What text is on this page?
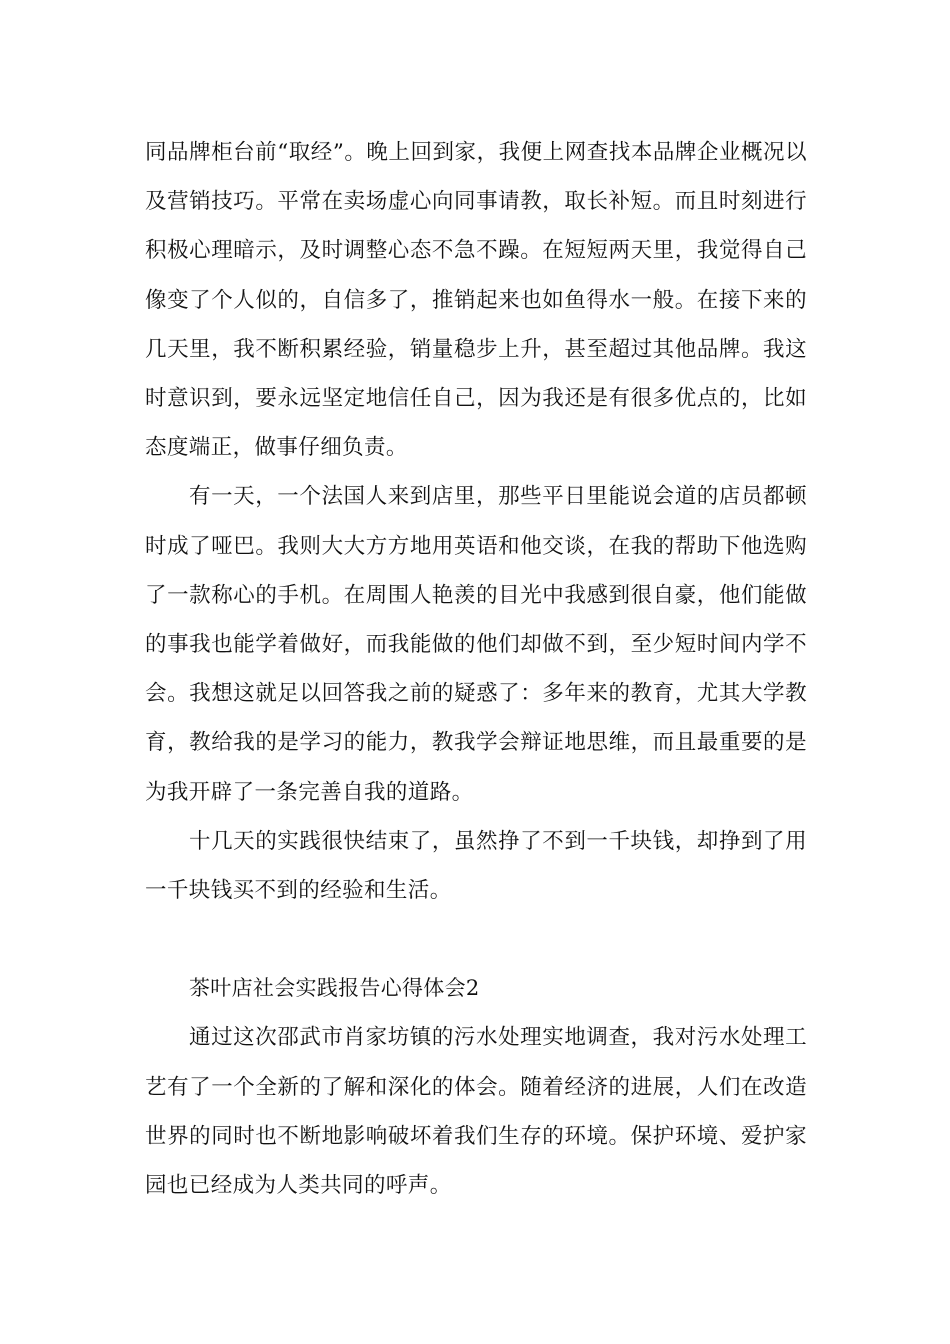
同品牌柜台前“取经”。晚上回到家，我便上网查找本品牌企业概况以及营销技巧。平常在卖场虚心向同事请教，取长补短。而且时刻进行积极心理暗示，及时调整心态不急不躁。在短短两天里，我觉得自己像变了个人似的，自信多了，推销起来也如鱼得水一般。在接下来的几天里，我不断积累经验，销量稳步上升，甚至超过其他品牌。我这时意识到，要永远坚定地信任自己，因为我还是有很多优点的，比如态度端正，做事仔细负责。

有一天，一个法国人来到店里，那些平日里能说会道的店员都顿时成了哑巴。我则大大方方地用英语和他交谈，在我的帮助下他选购了一款称心的手机。在周围人艳羡的目光中我感到很自豪，他们能做的事我也能学着做好，而我能做的他们却做不到，至少短时间内学不会。我想这就足以回答我之前的疑惑了：多年来的教育，尤其大学教育，教给我的是学习的能力，教我学会辩证地思维，而且最重要的是为我开辟了一条完善自我的道路。

十几天的实践很快结束了，虽然挣了不到一千块钱，却挣到了用一千块钱买不到的经验和生活。

茶叶店社会实践报告心得体会2

通过这次邵武市肖家坊镇的污水处理实地调查，我对污水处理工艺有了一个全新的了解和深化的体会。随着经济的进展，人们在改造世界的同时也不断地影响破坏着我们生存的环境。保护环境、爱护家园也已经成为人类共同的呼声。
